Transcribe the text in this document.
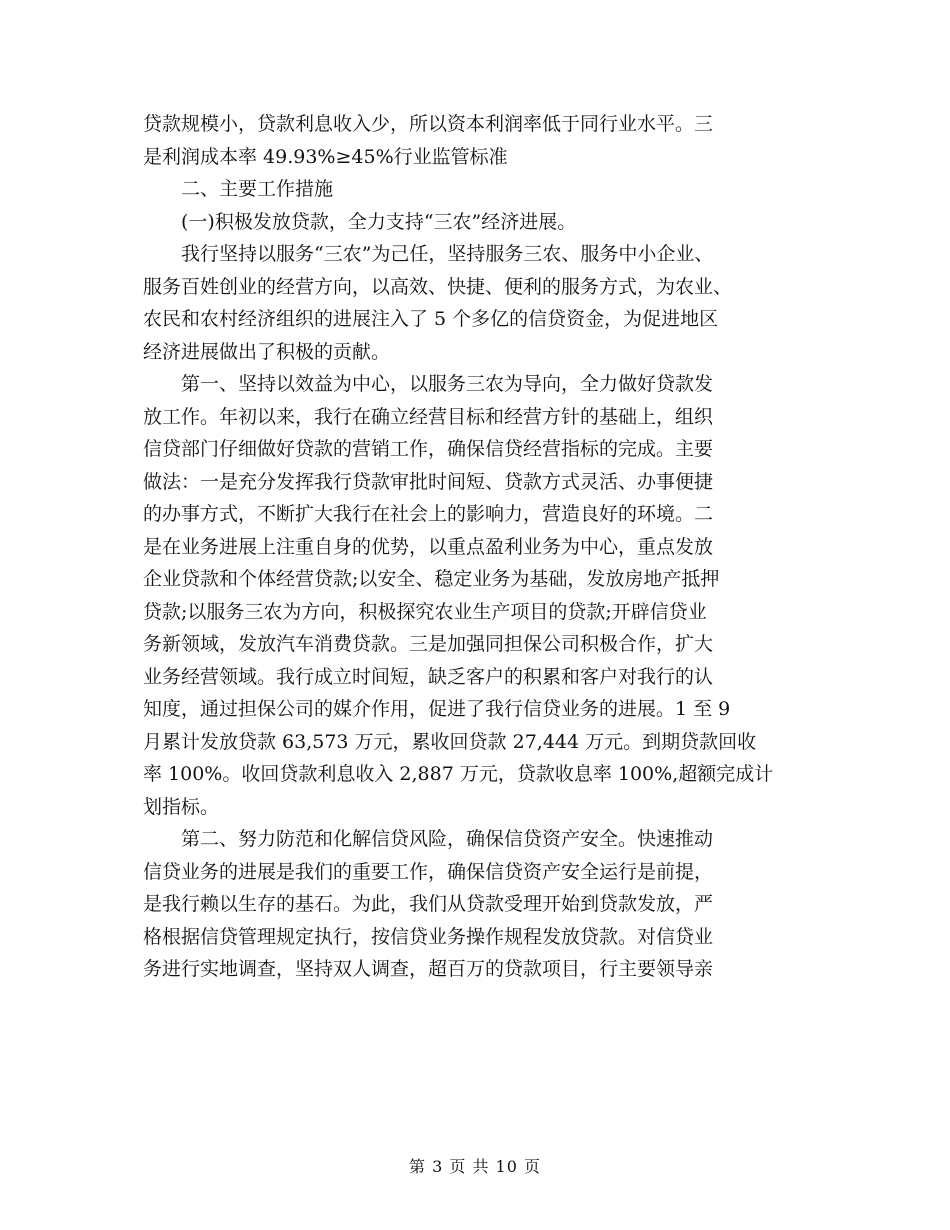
贷款规模小，贷款利息收入少，所以资本利润率低于同行业水平。三
是利润成本率 49.93%≥45%行业监管标准
二、主要工作措施
(一)积极发放贷款，全力支持“三农”经济进展。
我行坚持以服务“三农”为己任，坚持服务三农、服务中小企业、
服务百姓创业的经营方向，以高效、快捷、便利的服务方式，为农业、
农民和农村经济组织的进展注入了 5 个多亿的信贷资金，为促进地区
经济进展做出了积极的贡献。
第一、坚持以效益为中心，以服务三农为导向，全力做好贷款发
放工作。年初以来，我行在确立经营目标和经营方针的基础上，组织
信贷部门仔细做好贷款的营销工作，确保信贷经营指标的完成。主要
做法：一是充分发挥我行贷款审批时间短、贷款方式灵活、办事便捷
的办事方式，不断扩大我行在社会上的影响力，营造良好的环境。二
是在业务进展上注重自身的优势，以重点盈利业务为中心，重点发放
企业贷款和个体经营贷款;以安全、稳定业务为基础，发放房地产抵押
贷款;以服务三农为方向，积极探究农业生产项目的贷款;开辟信贷业
务新领域，发放汽车消费贷款。三是加强同担保公司积极合作，扩大
业务经营领域。我行成立时间短，缺乏客户的积累和客户对我行的认
知度，通过担保公司的媒介作用，促进了我行信贷业务的进展。1 至 9
月累计发放贷款 63,573 万元，累收回贷款 27,444 万元。到期贷款回收
率 100%。收回贷款利息收入 2,887 万元，贷款收息率 100%,超额完成计
划指标。
第二、努力防范和化解信贷风险，确保信贷资产安全。快速推动
信贷业务的进展是我们的重要工作，确保信贷资产安全运行是前提，
是我行赖以生存的基石。为此，我们从贷款受理开始到贷款发放，严
格根据信贷管理规定执行，按信贷业务操作规程发放贷款。对信贷业
务进行实地调查，坚持双人调查，超百万的贷款项目，行主要领导亲
第 3 页 共 10 页
